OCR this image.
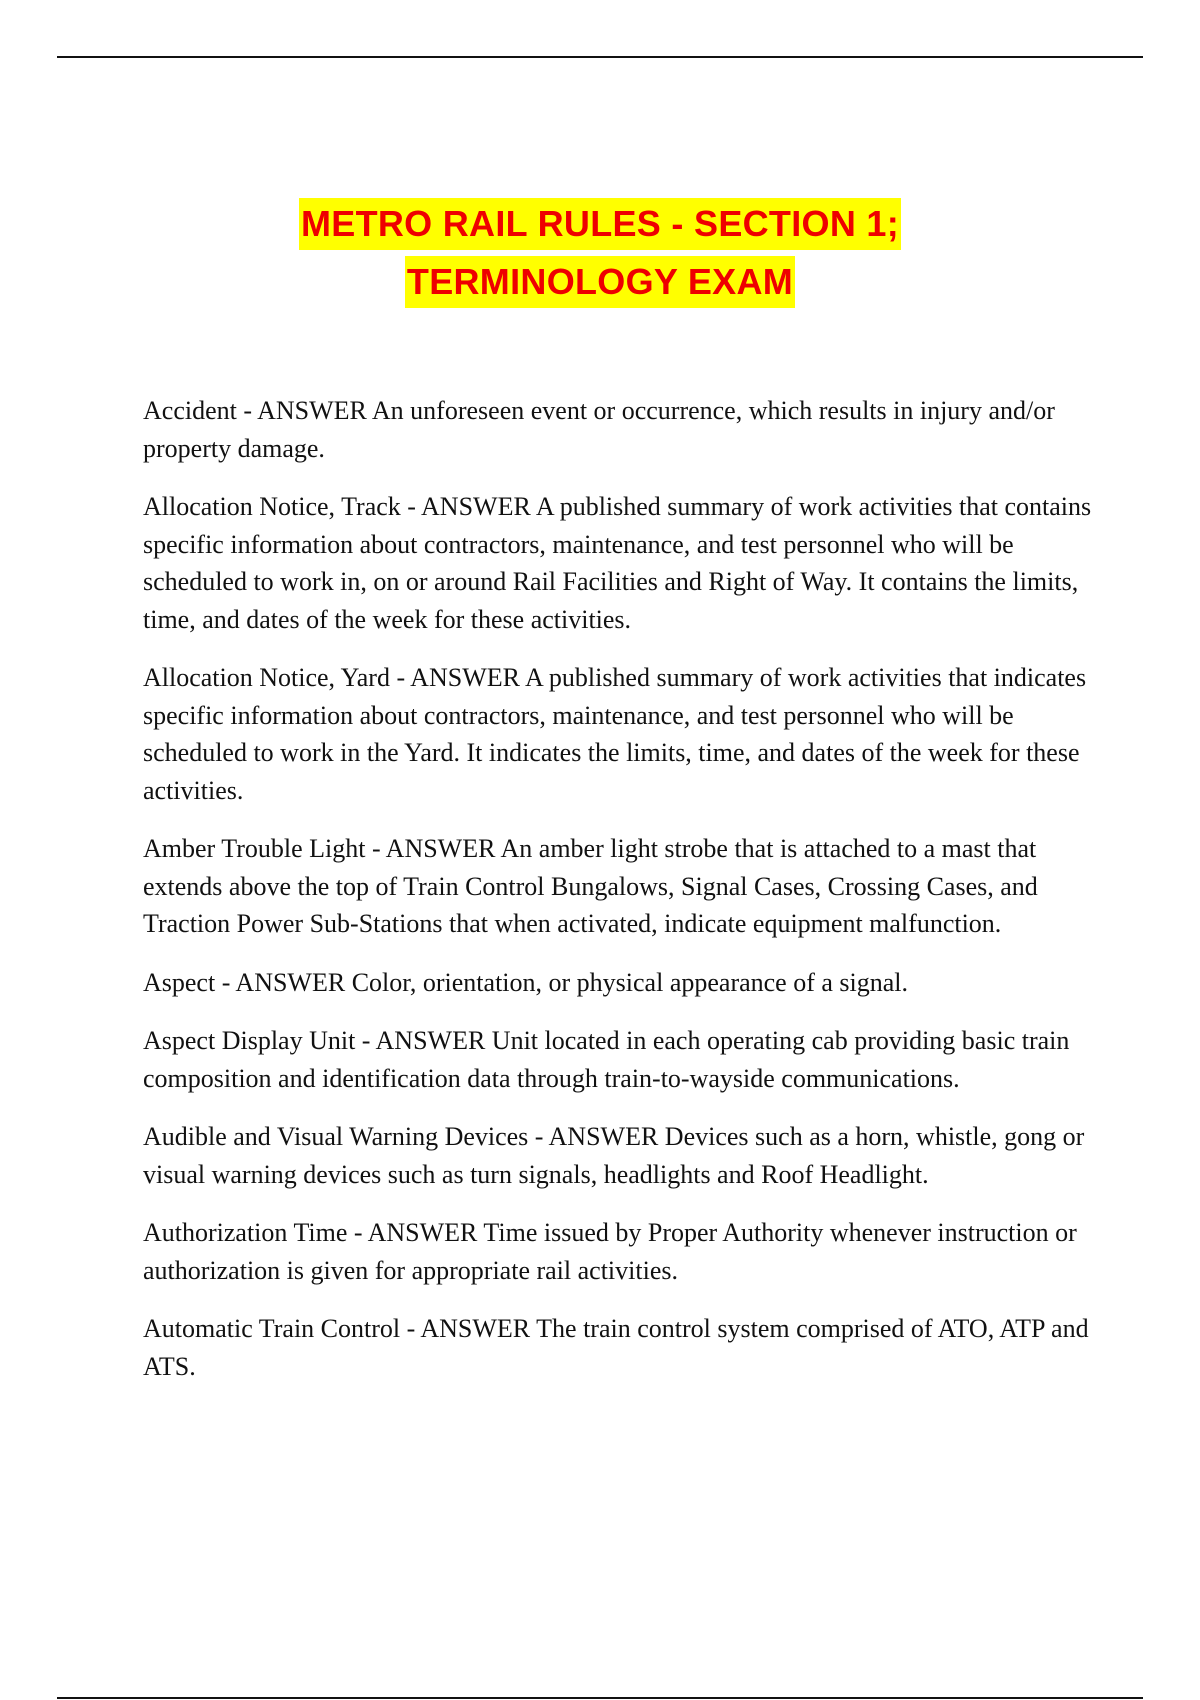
METRO RAIL RULES - SECTION 1;
TERMINOLOGY EXAM

Accident - ANSWER An unforeseen event or occurrence, which results in injury and/or property damage.

Allocation Notice, Track - ANSWER A published summary of work activities that contains specific information about contractors, maintenance, and test personnel who will be scheduled to work in, on or around Rail Facilities and Right of Way. It contains the limits, time, and dates of the week for these activities.

Allocation Notice, Yard - ANSWER A published summary of work activities that indicates specific information about contractors, maintenance, and test personnel who will be scheduled to work in the Yard. It indicates the limits, time, and dates of the week for these activities.

Amber Trouble Light - ANSWER An amber light strobe that is attached to a mast that extends above the top of Train Control Bungalows, Signal Cases, Crossing Cases, and Traction Power Sub-Stations that when activated, indicate equipment malfunction.

Aspect - ANSWER Color, orientation, or physical appearance of a signal.

Aspect Display Unit - ANSWER Unit located in each operating cab providing basic train composition and identification data through train-to-wayside communications.

Audible and Visual Warning Devices - ANSWER Devices such as a horn, whistle, gong or visual warning devices such as turn signals, headlights and Roof Headlight.

Authorization Time - ANSWER Time issued by Proper Authority whenever instruction or authorization is given for appropriate rail activities.

Automatic Train Control - ANSWER The train control system comprised of ATO, ATP and ATS.
